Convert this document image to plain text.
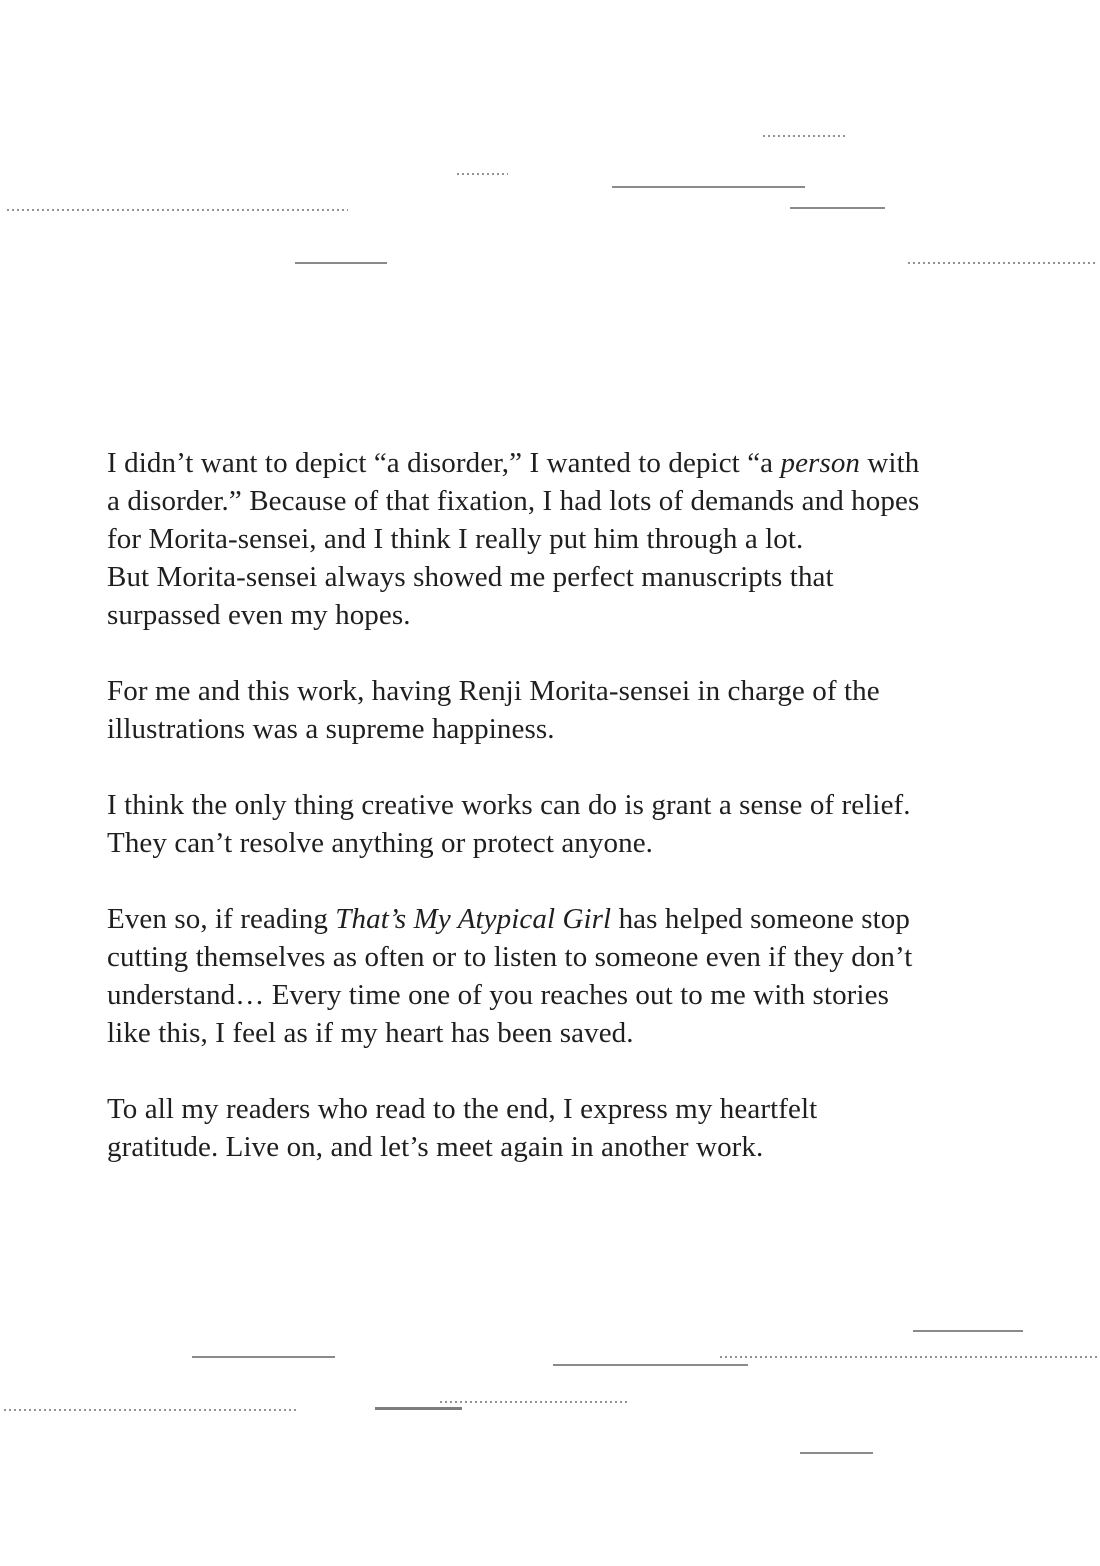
I didn’t want to depict “a disorder,” I wanted to depict “a person with
a disorder.” Because of that fixation, I had lots of demands and hopes
for Morita-sensei, and I think I really put him through a lot.
But Morita-sensei always showed me perfect manuscripts that
surpassed even my hopes.

For me and this work, having Renji Morita-sensei in charge of the
illustrations was a supreme happiness.

I think the only thing creative works can do is grant a sense of relief.
They can’t resolve anything or protect anyone.

Even so, if reading That’s My Atypical Girl has helped someone stop
cutting themselves as often or to listen to someone even if they don’t
understand… Every time one of you reaches out to me with stories
like this, I feel as if my heart has been saved.

To all my readers who read to the end, I express my heartfelt
gratitude. Live on, and let’s meet again in another work.
